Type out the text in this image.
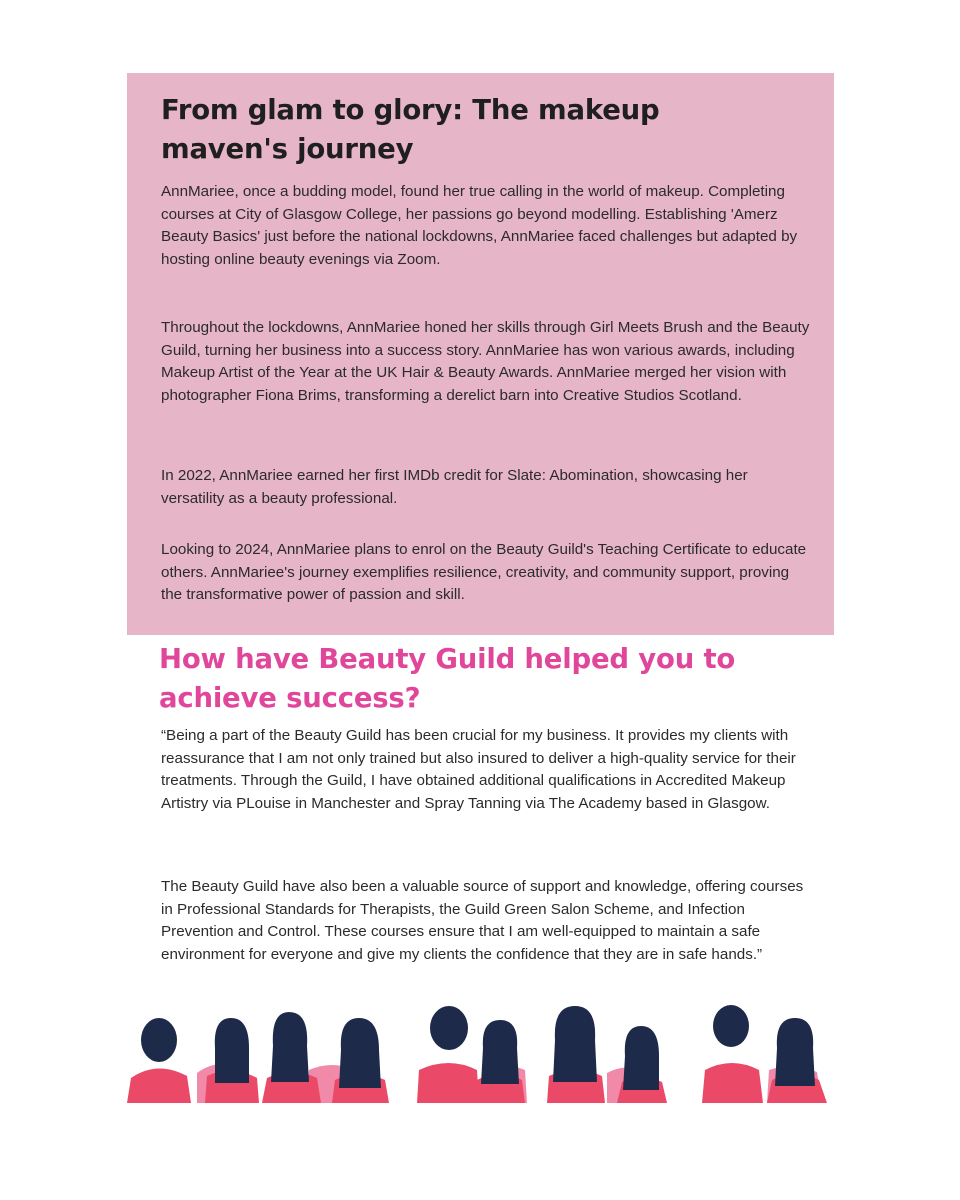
From glam to glory: The makeup maven's journey

AnnMariee, once a budding model, found her true calling in the world of makeup. Completing courses at City of Glasgow College, her passions go beyond modelling. Establishing 'Amerz Beauty Basics' just before the national lockdowns, AnnMariee faced challenges but adapted by hosting online beauty evenings via Zoom.

Throughout the lockdowns, AnnMariee honed her skills through Girl Meets Brush and the Beauty Guild, turning her business into a success story. AnnMariee has won various awards, including Makeup Artist of the Year at the UK Hair & Beauty Awards. AnnMariee merged her vision with photographer Fiona Brims, transforming a derelict barn into Creative Studios Scotland.

In 2022, AnnMariee earned her first IMDb credit for Slate: Abomination, showcasing her versatility as a beauty professional.

Looking to 2024, AnnMariee plans to enrol on the Beauty Guild's Teaching Certificate to educate others. AnnMariee's journey exemplifies resilience, creativity, and community support, proving the transformative power of passion and skill.

How have Beauty Guild helped you to achieve success?

“Being a part of the Beauty Guild has been crucial for my business. It provides my clients with reassurance that I am not only trained but also insured to deliver a high-quality service for their treatments. Through the Guild, I have obtained additional qualifications in Accredited Makeup Artistry via PLouise in Manchester and Spray Tanning via The Academy based in Glasgow.

The Beauty Guild have also been a valuable source of support and knowledge, offering courses in Professional Standards for Therapists, the Guild Green Salon Scheme, and Infection Prevention and Control. These courses ensure that I am well-equipped to maintain a safe environment for everyone and give my clients the confidence that they are in safe hands.”
